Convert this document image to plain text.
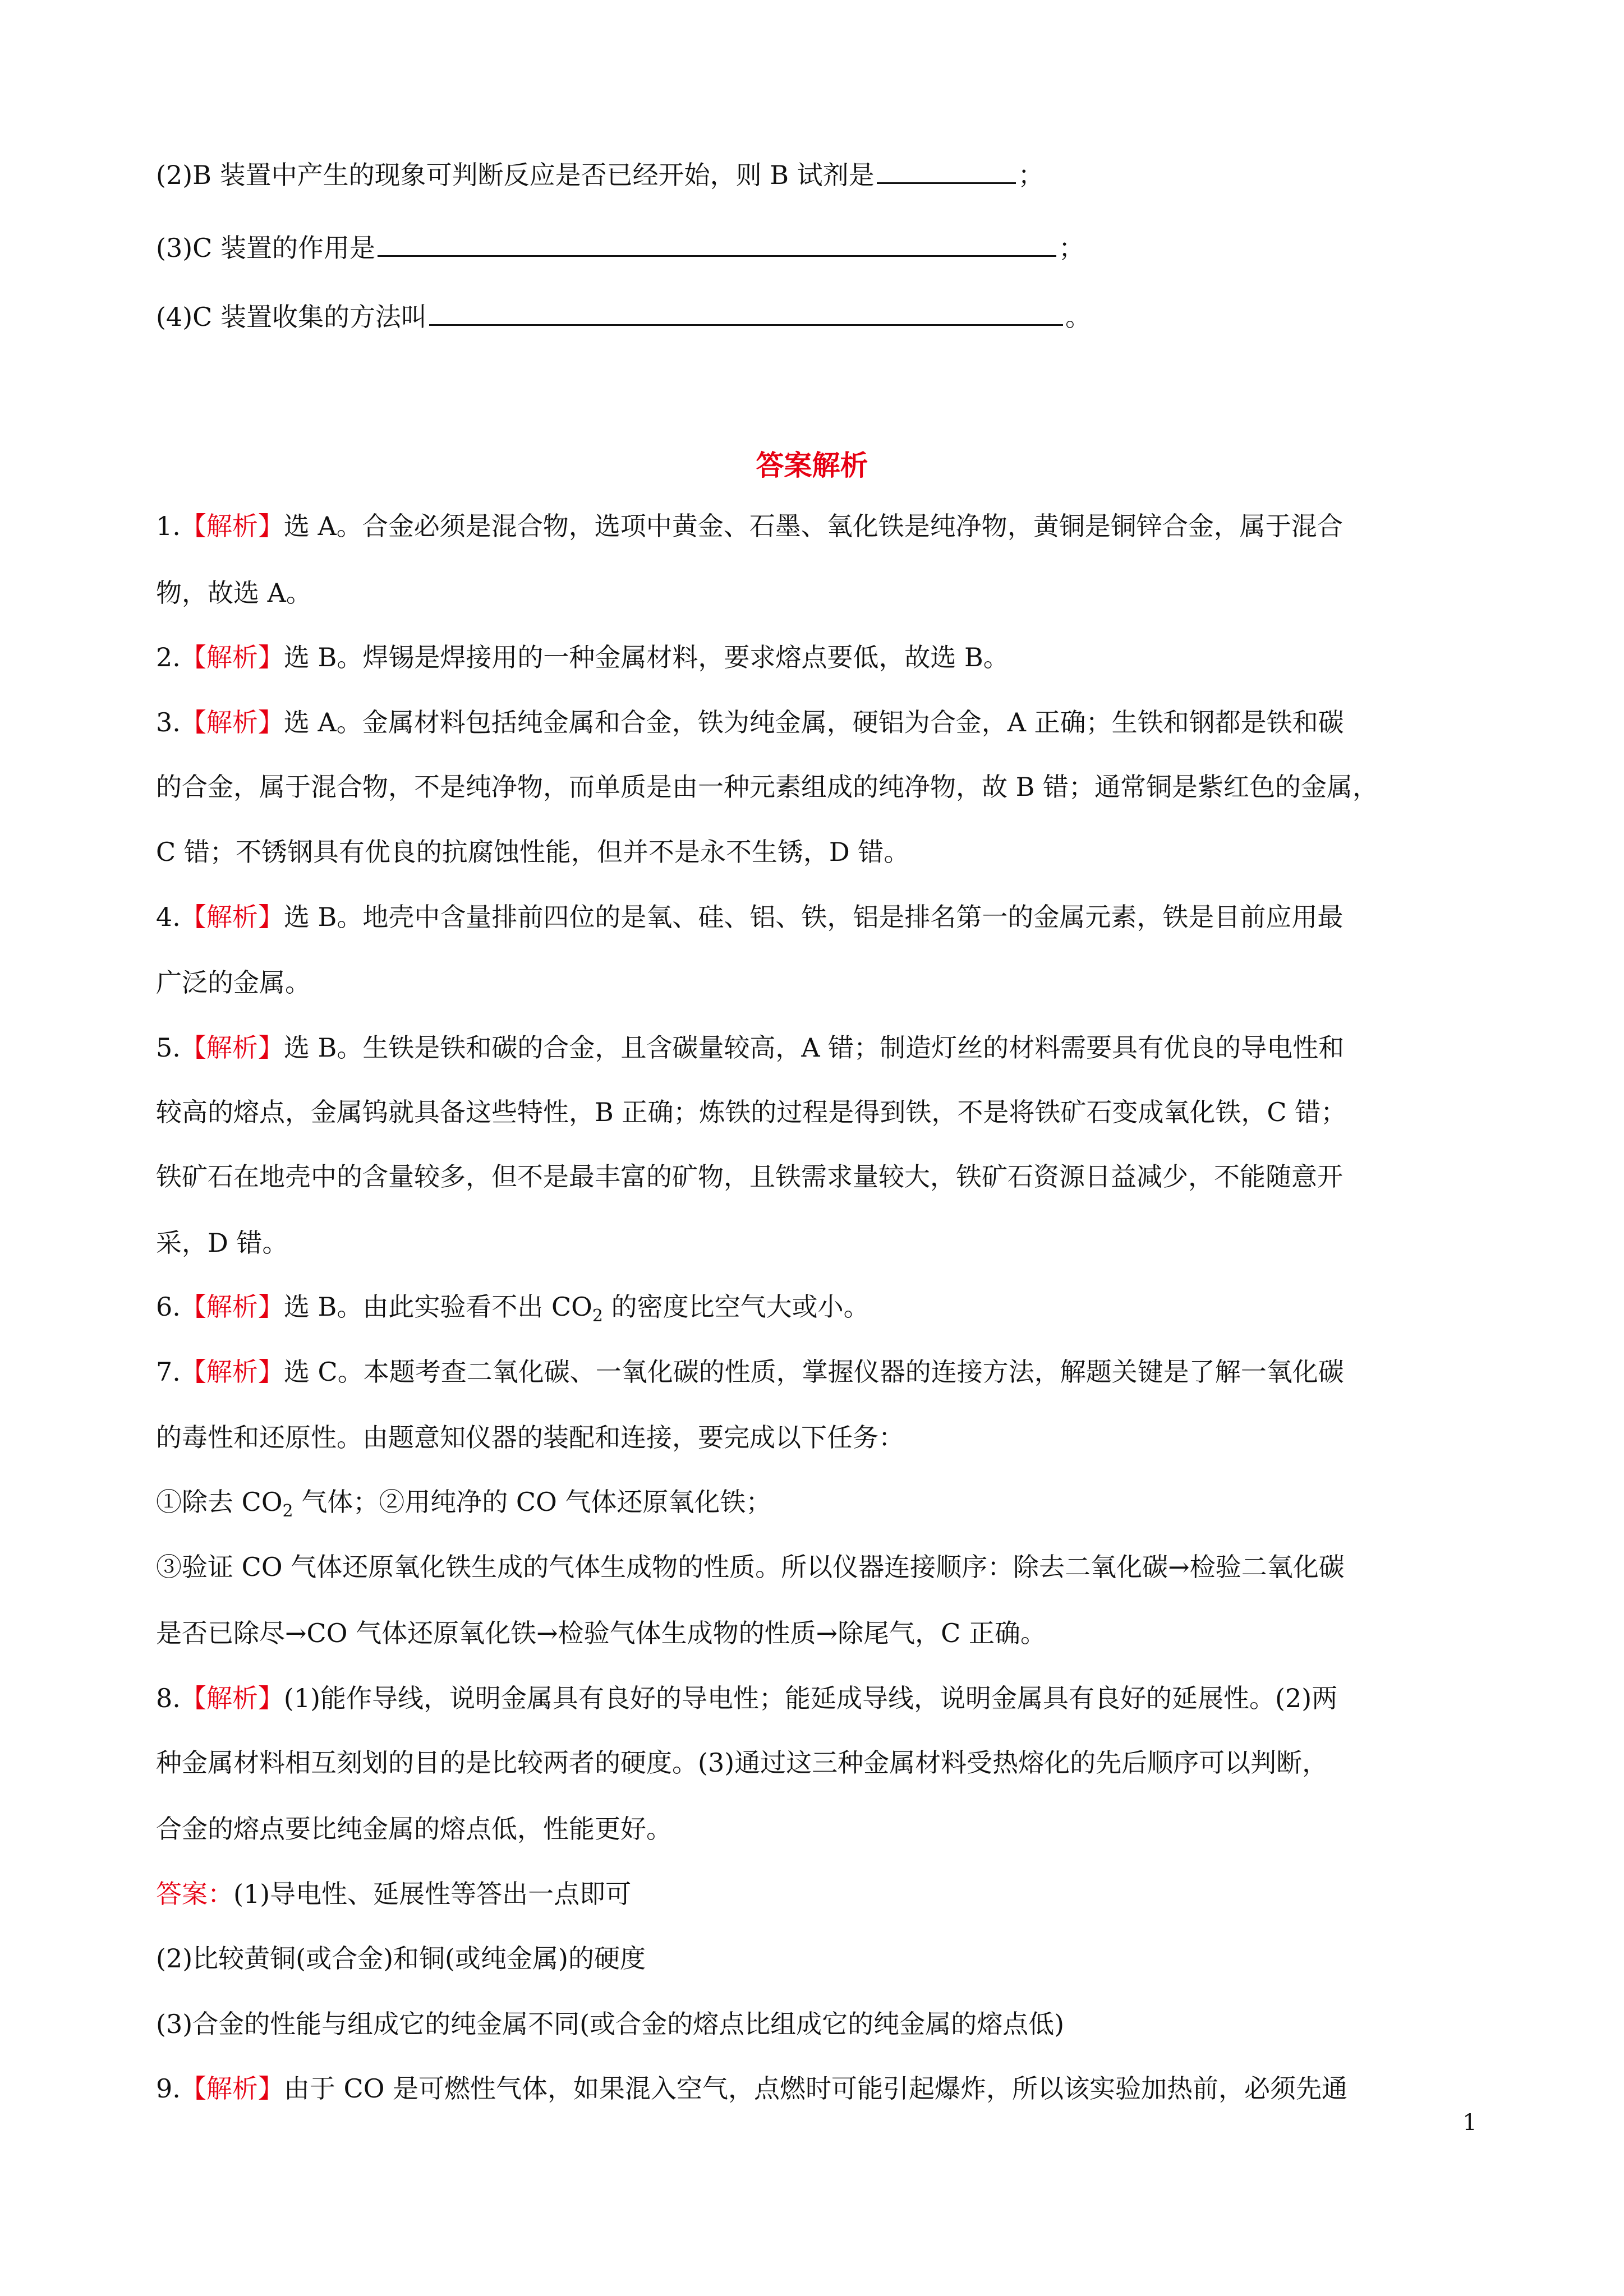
(2)B 装置中产生的现象可判断反应是否已经开始，则 B 试剂是	；
(3)C 装置的作用是	；
(4)C 装置收集的方法叫	。
答案解析
1.【解析】选 A。合金必须是混合物，选项中黄金、石墨、氧化铁是纯净物，黄铜是铜锌合金，属于混合
物，故选 A。
2.【解析】选 B。焊锡是焊接用的一种金属材料，要求熔点要低，故选 B。
3.【解析】选 A。金属材料包括纯金属和合金，铁为纯金属，硬铝为合金，A 正确；生铁和钢都是铁和碳
的合金，属于混合物，不是纯净物，而单质是由一种元素组成的纯净物，故 B 错；通常铜是紫红色的金属，
C 错；不锈钢具有优良的抗腐蚀性能，但并不是永不生锈，D 错。
4.【解析】选 B。地壳中含量排前四位的是氧、硅、铝、铁，铝是排名第一的金属元素，铁是目前应用最
广泛的金属。
5.【解析】选 B。生铁是铁和碳的合金，且含碳量较高，A 错；制造灯丝的材料需要具有优良的导电性和
较高的熔点，金属钨就具备这些特性，B 正确；炼铁的过程是得到铁，不是将铁矿石变成氧化铁，C 错；
铁矿石在地壳中的含量较多，但不是最丰富的矿物，且铁需求量较大，铁矿石资源日益减少，不能随意开
采，D 错。
6.【解析】选 B。由此实验看不出 $CO_2$ 的密度比空气大或小。
7.【解析】选 C。本题考查二氧化碳、一氧化碳的性质，掌握仪器的连接方法，解题关键是了解一氧化碳
的毒性和还原性。由题意知仪器的装配和连接，要完成以下任务：
①除去 $CO_2$ 气体；②用纯净的 CO 气体还原氧化铁；
③验证 CO 气体还原氧化铁生成的气体生成物的性质。所以仪器连接顺序：除去二氧化碳→检验二氧化碳
是否已除尽→CO 气体还原氧化铁→检验气体生成物的性质→除尾气，C 正确。
8.【解析】(1)能作导线，说明金属具有良好的导电性；能延成导线，说明金属具有良好的延展性。(2)两
种金属材料相互刻划的目的是比较两者的硬度。(3)通过这三种金属材料受热熔化的先后顺序可以判断，
合金的熔点要比纯金属的熔点低，性能更好。
答案：(1)导电性、延展性等答出一点即可
(2)比较黄铜(或合金)和铜(或纯金属)的硬度
(3)合金的性能与组成它的纯金属不同(或合金的熔点比组成它的纯金属的熔点低)
9.【解析】由于 CO 是可燃性气体，如果混入空气，点燃时可能引起爆炸，所以该实验加热前，必须先通
1
